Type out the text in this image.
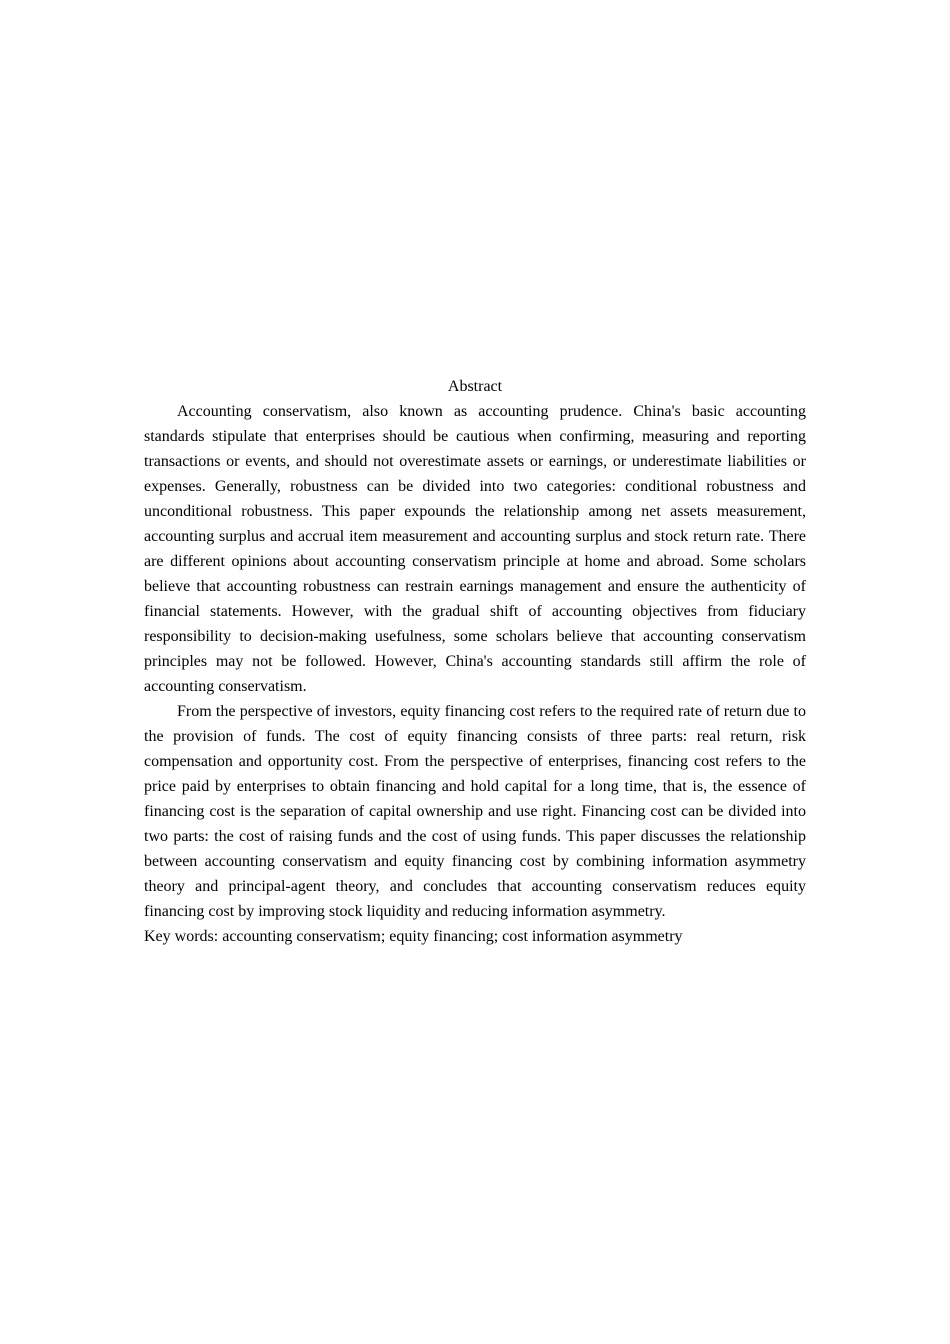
Abstract

Accounting conservatism, also known as accounting prudence. China's basic accounting standards stipulate that enterprises should be cautious when confirming, measuring and reporting transactions or events, and should not overestimate assets or earnings, or underestimate liabilities or expenses. Generally, robustness can be divided into two categories: conditional robustness and unconditional robustness. This paper expounds the relationship among net assets measurement, accounting surplus and accrual item measurement and accounting surplus and stock return rate. There are different opinions about accounting conservatism principle at home and abroad. Some scholars believe that accounting robustness can restrain earnings management and ensure the authenticity of financial statements. However, with the gradual shift of accounting objectives from fiduciary responsibility to decision-making usefulness, some scholars believe that accounting conservatism principles may not be followed. However, China's accounting standards still affirm the role of accounting conservatism.

From the perspective of investors, equity financing cost refers to the required rate of return due to the provision of funds. The cost of equity financing consists of three parts: real return, risk compensation and opportunity cost. From the perspective of enterprises, financing cost refers to the price paid by enterprises to obtain financing and hold capital for a long time, that is, the essence of financing cost is the separation of capital ownership and use right. Financing cost can be divided into two parts: the cost of raising funds and the cost of using funds. This paper discusses the relationship between accounting conservatism and equity financing cost by combining information asymmetry theory and principal-agent theory, and concludes that accounting conservatism reduces equity financing cost by improving stock liquidity and reducing information asymmetry.

Key words: accounting conservatism; equity financing; cost information asymmetry
